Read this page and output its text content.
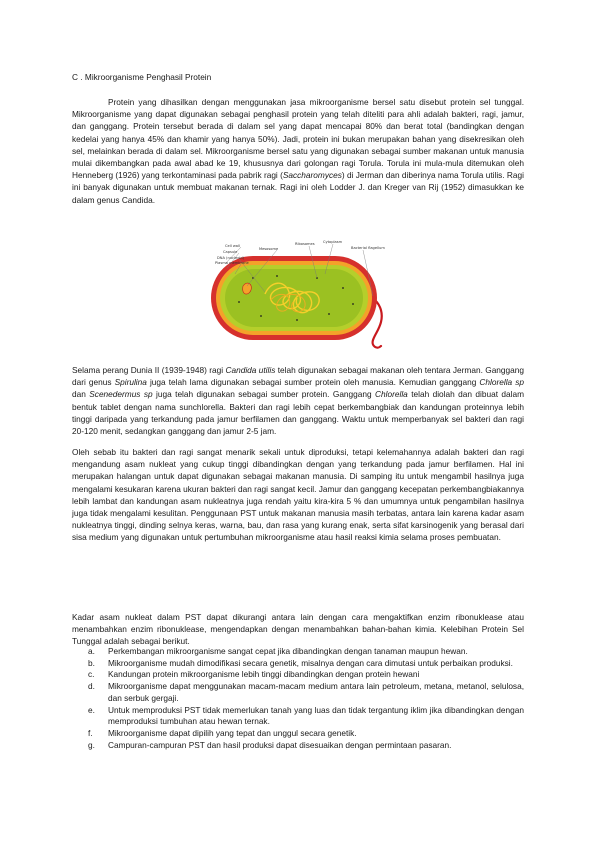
C . Mikroorganisme Penghasil Protein

Protein yang dihasilkan dengan menggunakan jasa mikroorganisme bersel satu disebut protein sel tunggal. Mikroorganisme yang dapat digunakan sebagai penghasil protein yang telah diteliti para ahli adalah bakteri, ragi, jamur, dan ganggang. Protein tersebut berada di dalam sel yang dapat mencapai 80% dan berat total (bandingkan dengan kedelai yang hanya 45% dan khamir yang hanya 50%). Jadi, protein ini bukan merupakan bahan yang disekresikan oleh sel, melainkan berada di dalam sel. Mikroorganisme bersel satu yang digunakan sebagai sumber makanan untuk manusia mulai dikembangkan pada awal abad ke 19, khususnya dari golongan ragi Torula. Torula ini mula-mula ditemukan oleh Henneberg (1926) yang terkontaminasi pada pabrik ragi (Saccharomyces) di Jerman dan diberinya nama Torula utilis. Ragi ini banyak digunakan untuk membuat makanan ternak. Ragi ini oleh Lodder J. dan Kreger van Rij (1952) dimasukkan ke dalam genus Candida.

Cell wall
Capsule
DNA (nucleoid)
Plasma membrane
Mesosome
Ribosomes Cytoplasm
Bacterial flagellum

Selama perang Dunia II (1939-1948) ragi Candida utilis telah digunakan sebagai makanan oleh tentara Jerman. Ganggang dari genus Spirulina juga telah lama digunakan sebagai sumber protein oleh manusia. Kemudian ganggang Chlorella sp dan Scenedermus sp juga telah digunakan sebagai sumber protein. Ganggang Chlorella telah diolah dan dibuat dalam bentuk tablet dengan nama sunchlorella. Bakteri dan ragi lebih cepat berkembangbiak dan kandungan proteinnya lebih tinggi daripada yang terkandung pada jamur berfilamen dan ganggang. Waktu untuk memperbanyak sel bakteri dan ragi 20-120 menit, sedangkan ganggang dan jamur 2-5 jam.

Oleh sebab itu bakteri dan ragi sangat menarik sekali untuk diproduksi, tetapi kelemahannya adalah bakteri dan ragi mengandung asam nukleat yang cukup tinggi dibandingkan dengan yang terkandung pada jamur berfilamen. Hal ini merupakan halangan untuk dapat digunakan sebagai makanan manusia. Di samping itu untuk mengambil hasilnya juga mengalami kesukaran karena ukuran bakteri dan ragi sangat kecil. Jamur dan ganggang kecepatan perkembangbiakannya lebih lambat dan kandungan asam nukleatnya juga rendah yaitu kira-kira 5 % dan umumnya untuk pengambilan hasilnya juga tidak mengalami kesulitan. Penggunaan PST untuk makanan manusia masih terbatas, antara lain karena kadar asam nukleatnya tinggi, dinding selnya keras, warna, bau, dan rasa yang kurang enak, serta sifat karsinogenik yang berasal dari sisa medium yang digunakan untuk pertumbuhan mikroorganisme atau hasil reaksi kimia selama proses pembuatan.

Kadar asam nukleat dalam PST dapat dikurangi antara lain dengan cara mengaktifkan enzim ribonuklease atau menambahkan enzim ribonuklease, mengendapkan dengan menambahkan bahan-bahan kimia. Kelebihan Protein Sel Tunggal adalah sebagai berikut.

a. Perkembangan mikroorganisme sangat cepat jika dibandingkan dengan tanaman maupun hewan.
b. Mikroorganisme mudah dimodifikasi secara genetik, misalnya dengan cara dimutasi untuk perbaikan produksi.
c. Kandungan protein mikroorganisme lebih tinggi dibandingkan dengan protein hewani
d. Mikroorganisme dapat menggunakan macam-macam medium antara lain petroleum, metana, metanol, selulosa, dan serbuk gergaji.
e. Untuk memproduksi PST tidak memerlukan tanah yang luas dan tidak tergantung iklim jika dibandingkan dengan memproduksi tumbuhan atau hewan ternak.
f. Mikroorganisme dapat dipilih yang tepat dan unggul secara genetik.
g. Campuran-campuran PST dan hasil produksi dapat disesuaikan dengan permintaan pasaran.
